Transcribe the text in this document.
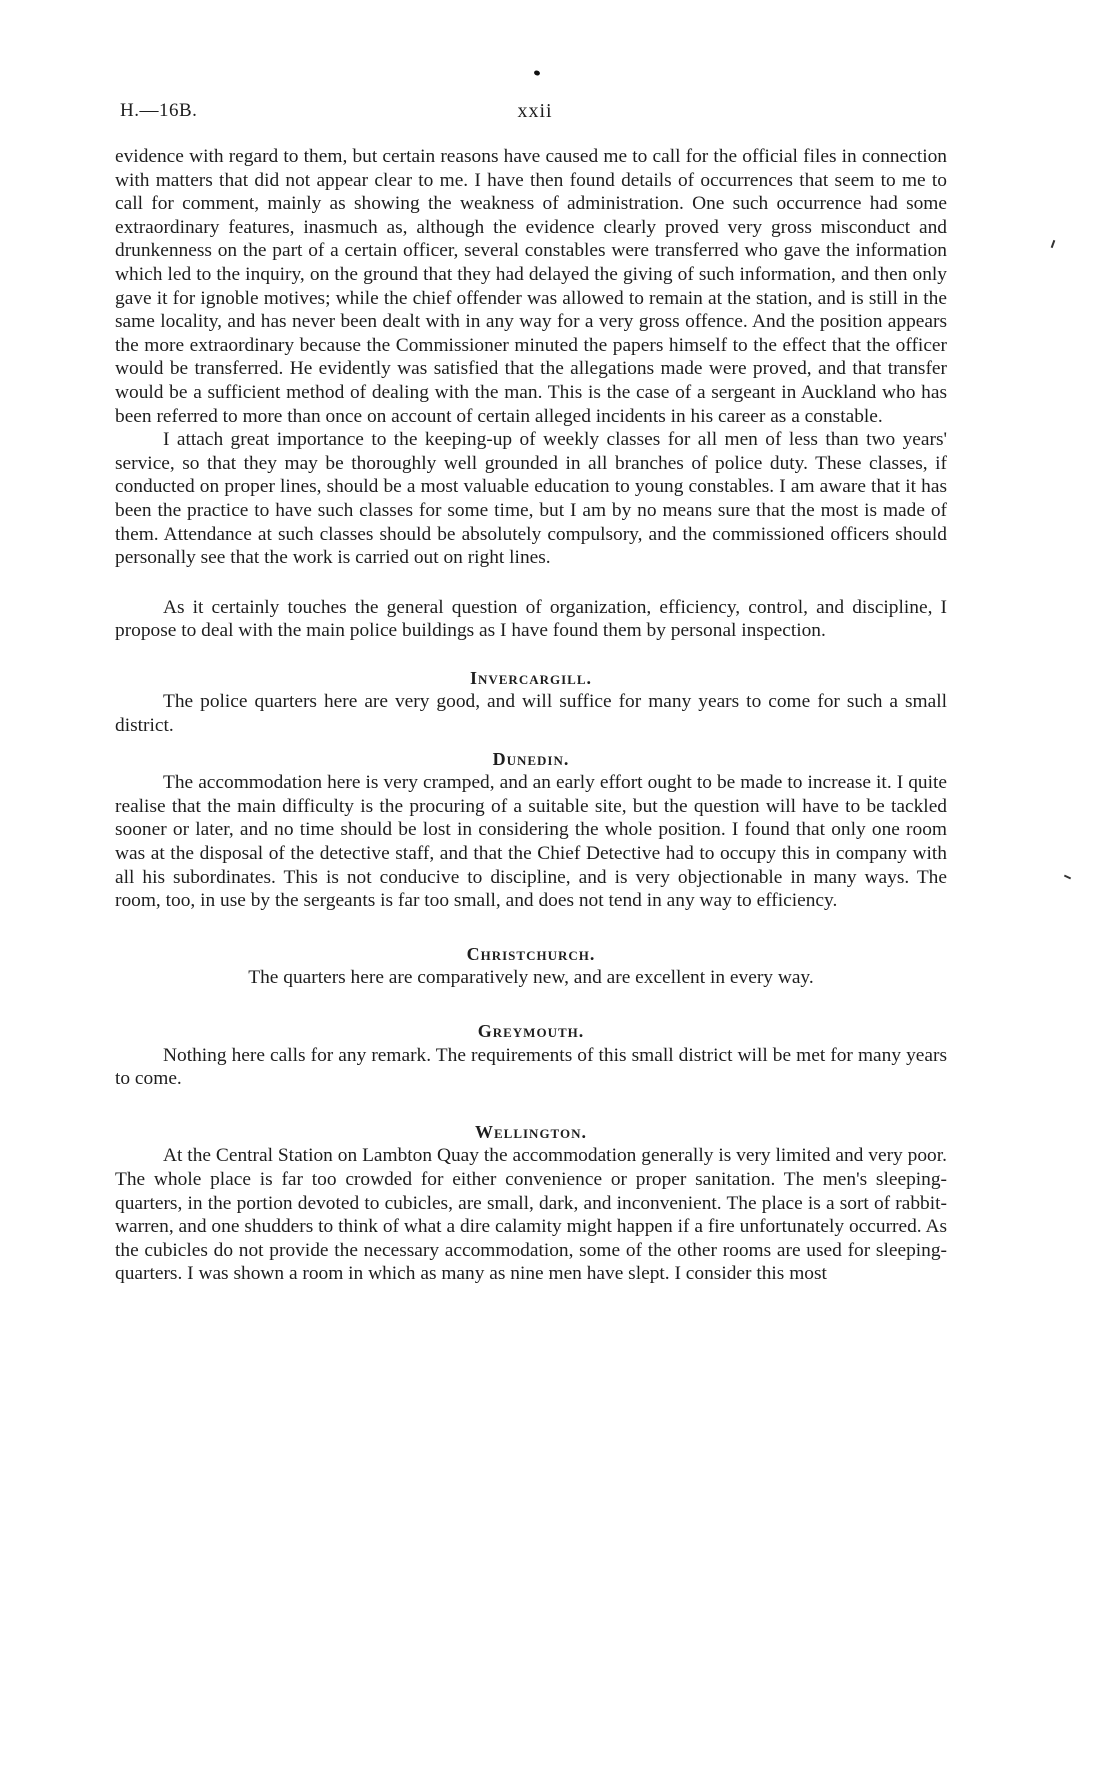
H.—16B.	xxii

evidence with regard to them, but certain reasons have caused me to call for the official files in connection with matters that did not appear clear to me. I have then found details of occurrences that seem to me to call for comment, mainly as showing the weakness of administration. One such occurrence had some extraordinary features, inasmuch as, although the evidence clearly proved very gross misconduct and drunkenness on the part of a certain officer, several constables were transferred who gave the information which led to the inquiry, on the ground that they had delayed the giving of such information, and then only gave it for ignoble motives; while the chief offender was allowed to remain at the station, and is still in the same locality, and has never been dealt with in any way for a very gross offence. And the position appears the more extraordinary because the Commissioner minuted the papers himself to the effect that the officer would be transferred. He evidently was satisfied that the allegations made were proved, and that transfer would be a sufficient method of dealing with the man. This is the case of a sergeant in Auckland who has been referred to more than once on account of certain alleged incidents in his career as a constable.

I attach great importance to the keeping-up of weekly classes for all men of less than two years' service, so that they may be thoroughly well grounded in all branches of police duty. These classes, if conducted on proper lines, should be a most valuable education to young constables. I am aware that it has been the practice to have such classes for some time, but I am by no means sure that the most is made of them. Attendance at such classes should be absolutely compulsory, and the commissioned officers should personally see that the work is carried out on right lines.

As it certainly touches the general question of organization, efficiency, control, and discipline, I propose to deal with the main police buildings as I have found them by personal inspection.

Invercargill.

The police quarters here are very good, and will suffice for many years to come for such a small district.

Dunedin.

The accommodation here is very cramped, and an early effort ought to be made to increase it. I quite realise that the main difficulty is the procuring of a suitable site, but the question will have to be tackled sooner or later, and no time should be lost in considering the whole position. I found that only one room was at the disposal of the detective staff, and that the Chief Detective had to occupy this in company with all his subordinates. This is not conducive to discipline, and is very objectionable in many ways. The room, too, in use by the sergeants is far too small, and does not tend in any way to efficiency.

Christchurch.

The quarters here are comparatively new, and are excellent in every way.

Greymouth.

Nothing here calls for any remark. The requirements of this small district will be met for many years to come.

Wellington.

At the Central Station on Lambton Quay the accommodation generally is very limited and very poor. The whole place is far too crowded for either convenience or proper sanitation. The men's sleeping-quarters, in the portion devoted to cubicles, are small, dark, and inconvenient. The place is a sort of rabbit-warren, and one shudders to think of what a dire calamity might happen if a fire unfortunately occurred. As the cubicles do not provide the necessary accommodation, some of the other rooms are used for sleeping-quarters. I was shown a room in which as many as nine men have slept. I consider this most
